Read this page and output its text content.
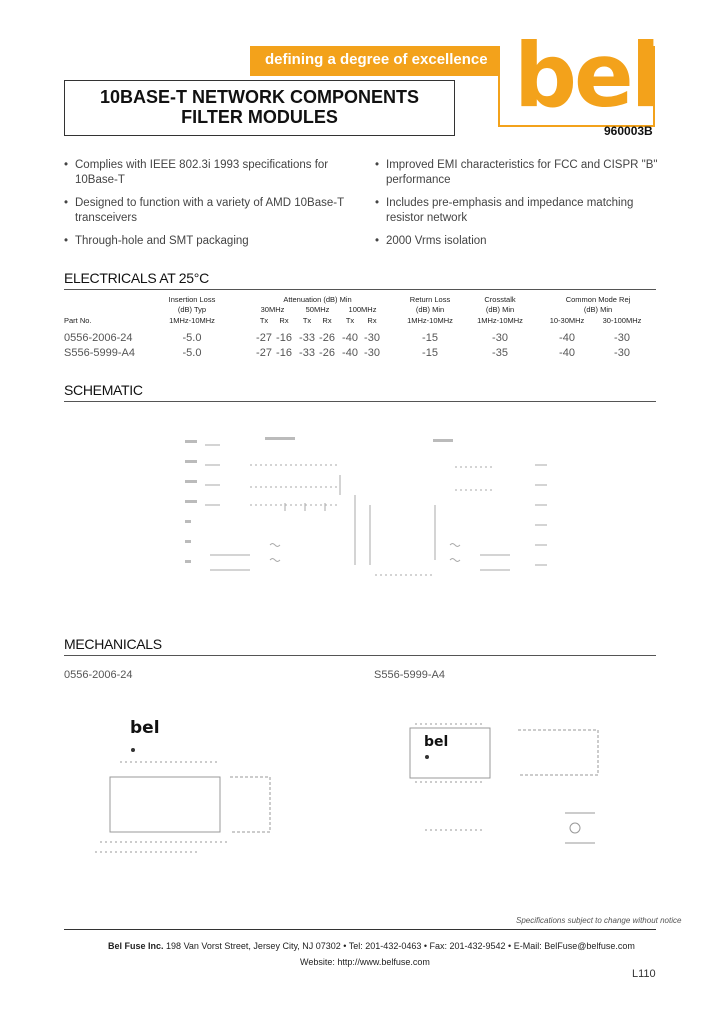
defining a degree of excellence bel
10BASE-T NETWORK COMPONENTS
FILTER MODULES
960003B
• Complies with IEEE 802.3i 1993 specifications for 10Base-T
• Designed to function with a variety of AMD 10Base-T transceivers
• Through-hole and SMT packaging
• Improved EMI characteristics for FCC and CISPR "B" performance
• Includes pre-emphasis and impedance matching resistor network
• 2000 Vrms isolation
ELECTRICALS AT 25°C
Part No.
Insertion Loss
(dB) Typ
1MHz-10MHz
Attenuation (dB) Min
30MHz	50MHz	100MHz
Tx	Rx	Tx	Rx	Tx	Rx
Return Loss
(dB) Min
1MHz-10MHz
Crosstalk
(dB) Min
1MHz-10MHz
Common Mode Rej
(dB) Min
10-30MHz	30-100MHz
0556-2006-24	-5.0	-27 -16 -33 -26 -40 -30	-15	-30	-40	-30
S556-5999-A4	-5.0	-27 -16 -33 -26 -40 -30	-15	-35	-40	-30
SCHEMATIC
MECHANICALS
0556-2006-24	S556-5999-A4
bel
bel
Specifications subject to change without notice
Bel Fuse Inc. 198 Van Vorst Street, Jersey City, NJ 07302 • Tel: 201-432-0463 • Fax: 201-432-9542 • E-Mail: BelFuse@belfuse.com
Website: http://www.belfuse.com
L110
